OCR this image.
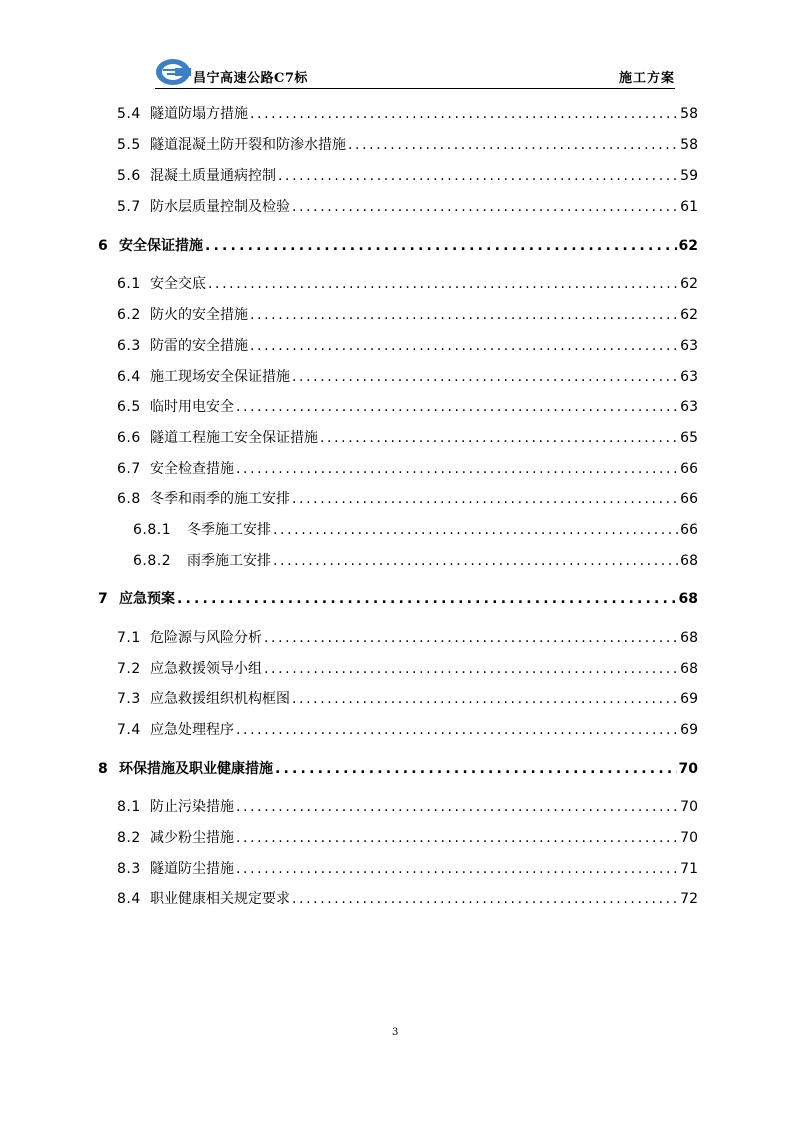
昌宁高速公路C7标	施工方案
5.4 隧道防塌方措施 .....	58
5.5 隧道混凝土防开裂和防渗水措施 .....	58
5.6 混凝土质量通病控制 .....	59
5.7 防水层质量控制及检验 .....	61
6 安全保证措施 .....	62
6.1 安全交底 .....	62
6.2 防火的安全措施 .....	62
6.3 防雷的安全措施 .....	63
6.4 施工现场安全保证措施 .....	63
6.5 临时用电安全 .....	63
6.6 隧道工程施工安全保证措施 .....	65
6.7 安全检查措施 .....	66
6.8 冬季和雨季的施工安排 .....	66
6.8.1	冬季施工安排 .....	66
6.8.2	雨季施工安排 .....	68
7 应急预案 .....	68
7.1 危险源与风险分析 .....	68
7.2 应急救援领导小组 .....	68
7.3 应急救援组织机构框图 .....	69
7.4 应急处理程序 .....	69
8 环保措施及职业健康措施 .....	70
8.1 防止污染措施 .....	70
8.2 减少粉尘措施 .....	70
8.3 隧道防尘措施 .....	71
8.4 职业健康相关规定要求 .....	72
3
